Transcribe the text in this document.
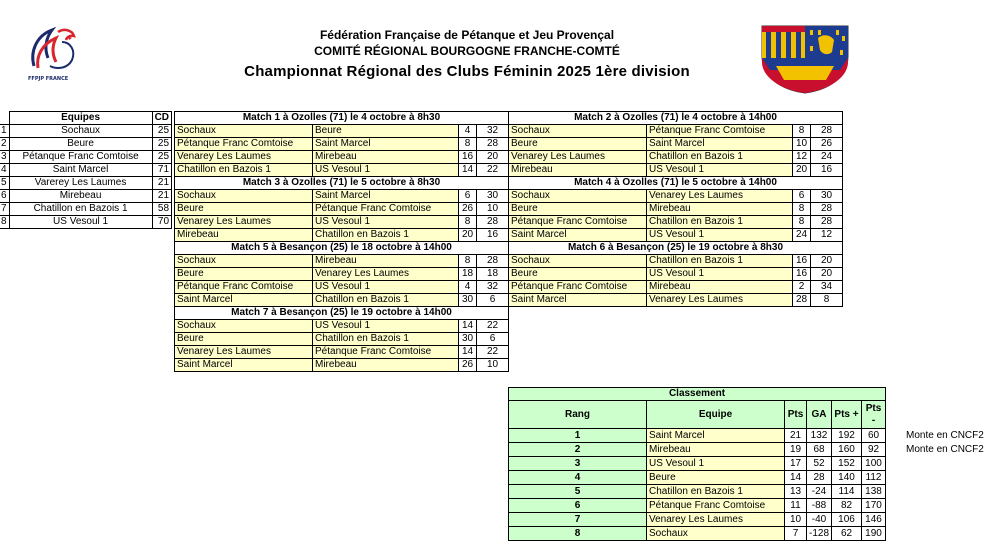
FFPJP FRANCE
Fédération Française de Pétanque et Jeu Provençal
COMITÉ RÉGIONAL BOURGOGNE FRANCHE-COMTÉ
Championnat Régional des Clubs Féminin 2025 1ère division
	Equipes	CD
1	Sochaux	25
2	Beure	25
3	Pétanque Franc Comtoise	25
4	Saint Marcel	71
5	Varerey Les Laumes	21
6	Mirebeau	21
7	Chatillon en Bazois 1	58
8	US Vesoul 1	70
Match 1 à Ozolles (71) le 4 octobre à 8h30				Match 2 à Ozolles (71) le 4 octobre à 14h00			
Sochaux	Beure	4	32	Sochaux	Pétanque Franc Comtoise	8	28
Pétanque Franc Comtoise	Saint Marcel	8	28	Beure	Saint Marcel	10	26
Venarey Les Laumes	Mirebeau	16	20	Venarey Les Laumes	Chatillon en Bazois 1	12	24
Chatillon en Bazois 1	US Vesoul 1	14	22	Mirebeau	US Vesoul 1	20	16
Match 3 à Ozolles (71) le 5 octobre à 8h30				Match 4 à Ozolles (71) le 5 octobre à 14h00			
Sochaux	Saint Marcel	6	30	Sochaux	Venarey Les Laumes	6	30
Beure	Pétanque Franc Comtoise	26	10	Beure	Mirebeau	8	28
Venarey Les Laumes	US Vesoul 1	8	28	Pétanque Franc Comtoise	Chatillon en Bazois 1	8	28
Mirebeau	Chatillon en Bazois 1	20	16	Saint Marcel	US Vesoul 1	24	12
Match 5 à Besançon (25) le 18 octobre à 14h00				Match 6 à Besançon (25) le 19 octobre à 8h30			
Sochaux	Mirebeau	8	28	Sochaux	Chatillon en Bazois 1	16	20
Beure	Venarey Les Laumes	18	18	Beure	US Vesoul 1	16	20
Pétanque Franc Comtoise	US Vesoul 1	4	32	Pétanque Franc Comtoise	Mirebeau	2	34
Saint Marcel	Chatillon en Bazois 1	30	6	Saint Marcel	Venarey Les Laumes	28	8
Match 7 à Besançon (25) le 19 octobre à 14h00							
Sochaux	US Vesoul 1	14	22				
Beure	Chatillon en Bazois 1	30	6				
Venarey Les Laumes	Pétanque Franc Comtoise	14	22				
Saint Marcel	Mirebeau	26	10				
Classement					
Rang	Equipe	Pts	GA	Pts +	Pts -
1	Saint Marcel	21	132	192	60
2	Mirebeau	19	68	160	92
3	US Vesoul 1	17	52	152	100
4	Beure	14	28	140	112
5	Chatillon en Bazois 1	13	-24	114	138
6	Pétanque Franc Comtoise	11	-88	82	170
7	Venarey Les Laumes	10	-40	106	146
8	Sochaux	7	-128	62	190
Monte en CNCF2
Monte en CNCF2
